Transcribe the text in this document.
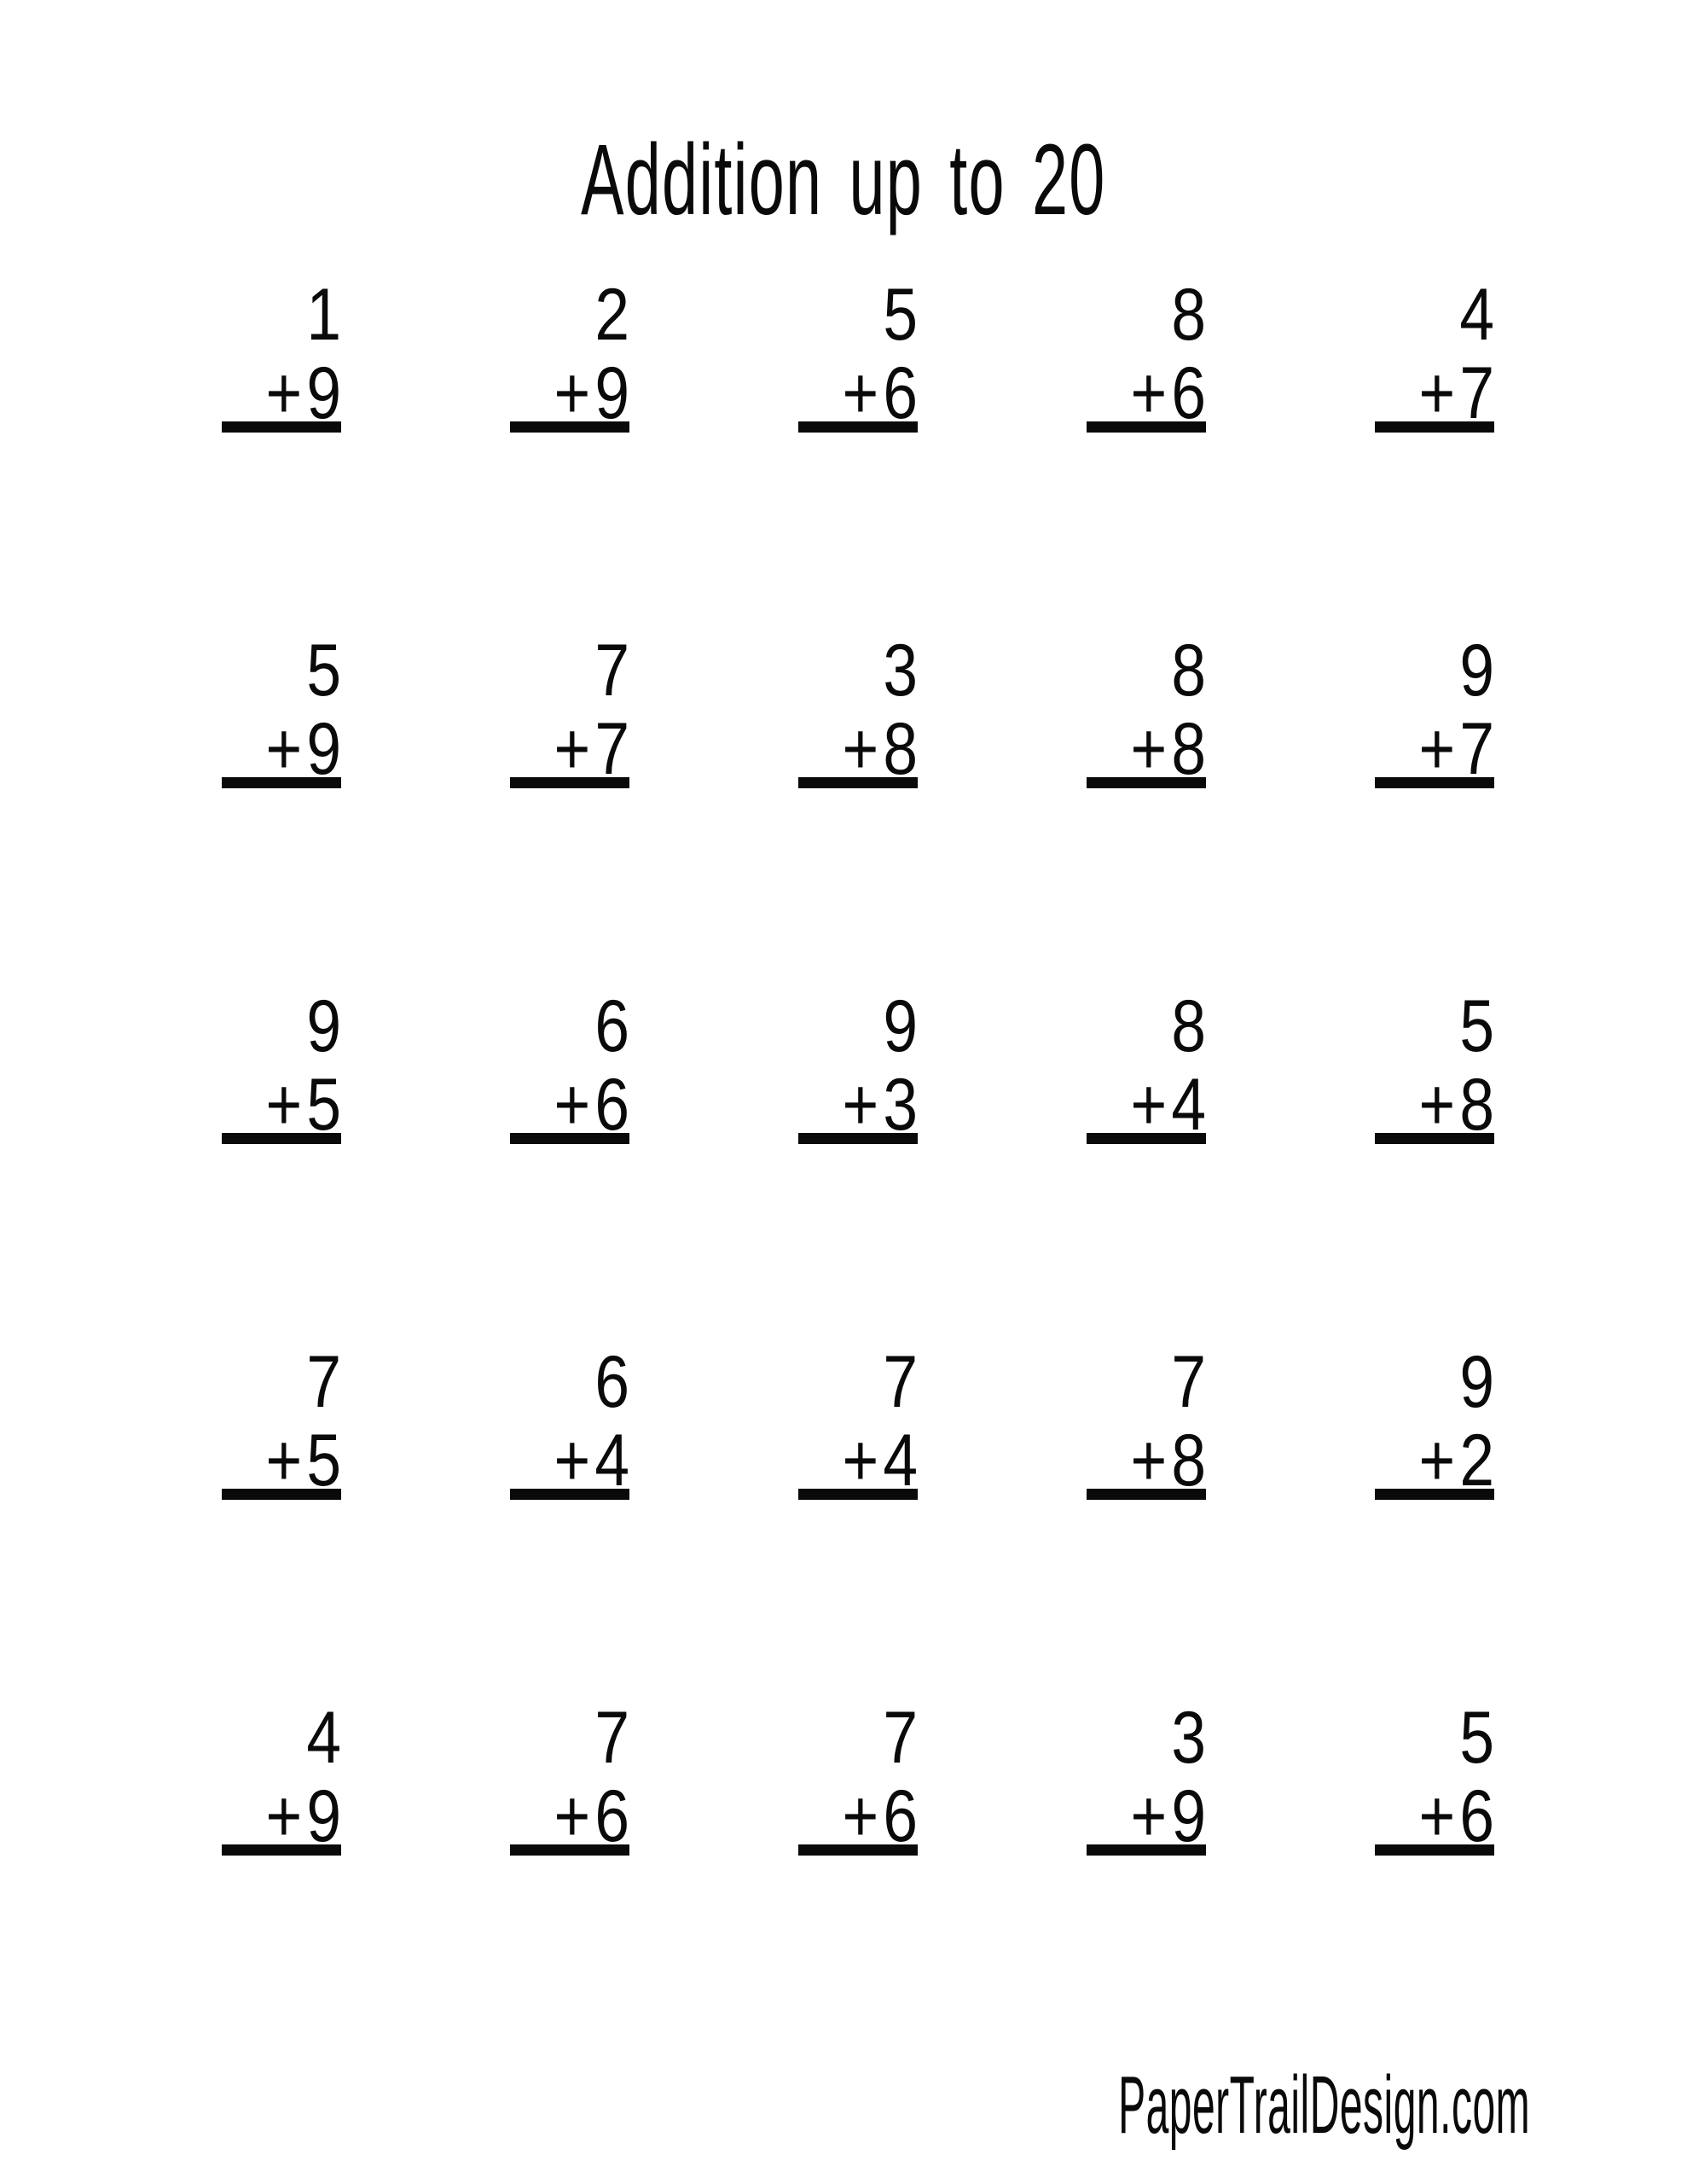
Addition up to 20
1
+9
2
+9
5
+6
8
+6
4
+7
5
+9
7
+7
3
+8
8
+8
9
+7
9
+5
6
+6
9
+3
8
+4
5
+8
7
+5
6
+4
7
+4
7
+8
9
+2
4
+9
7
+6
7
+6
3
+9
5
+6
PaperTrailDesign.com
